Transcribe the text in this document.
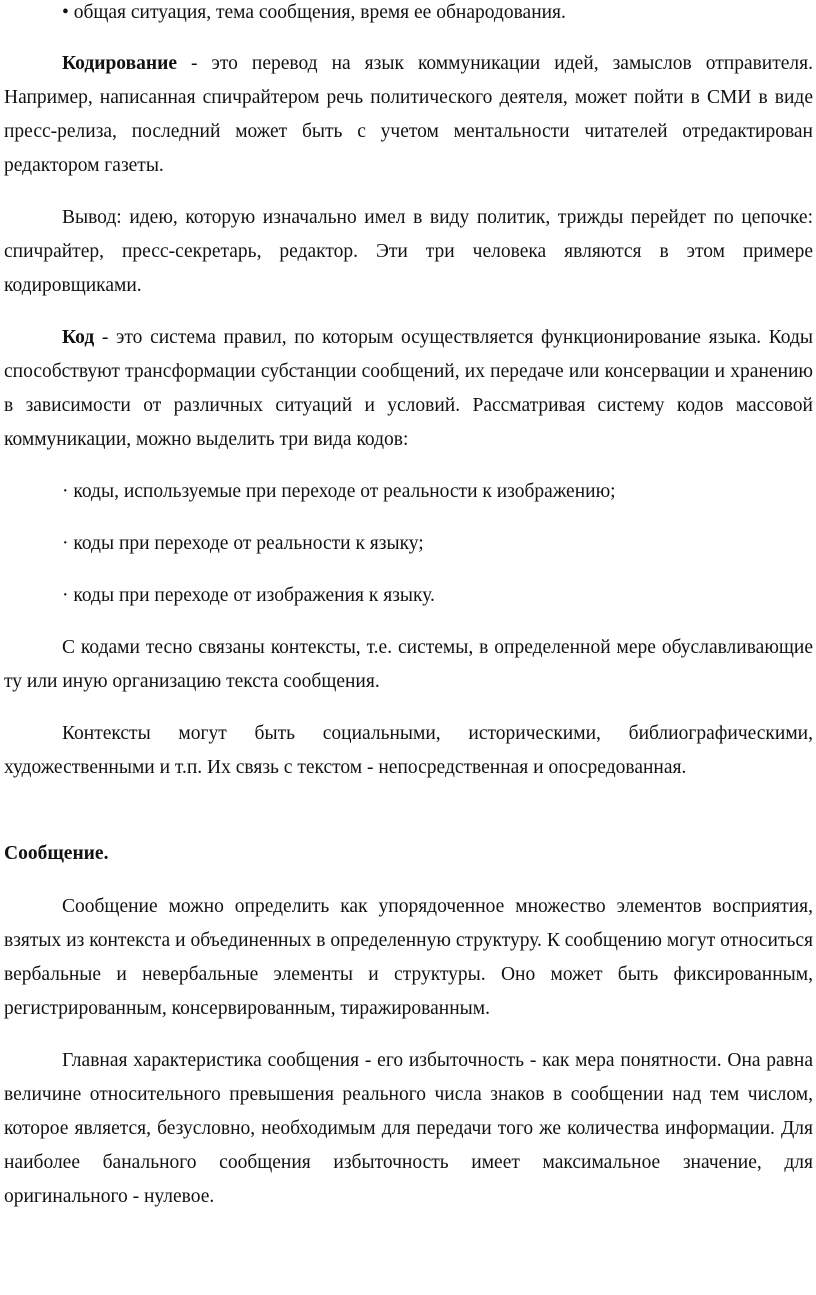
• общая ситуация, тема сообщения, время ее обнародования.

Кодирование - это перевод на язык коммуникации идей, замыслов отправителя. Например, написанная спичрайтером речь политического деятеля, может пойти в СМИ в виде пресс-релиза, последний может быть с учетом ментальности читателей отредактирован редактором газеты.

Вывод: идею, которую изначально имел в виду политик, трижды перейдет по цепочке: спичрайтер, пресс-секретарь, редактор. Эти три человека являются в этом примере кодировщиками.

Код - это система правил, по которым осуществляется функционирование языка. Коды способствуют трансформации субстанции сообщений, их передаче или консервации и хранению в зависимости от различных ситуаций и условий. Рассматривая систему кодов массовой коммуникации, можно выделить три вида кодов:

· коды, используемые при переходе от реальности к изображению;

· коды при переходе от реальности к языку;

· коды при переходе от изображения к языку.

С кодами тесно связаны контексты, т.е. системы, в определенной мере обуславливающие ту или иную организацию текста сообщения.

Контексты могут быть социальными, историческими, библиографическими, художественными и т.п. Их связь с текстом - непосредственная и опосредованная.

Сообщение.

Сообщение можно определить как упорядоченное множество элементов восприятия, взятых из контекста и объединенных в определенную структуру. К сообщению могут относиться вербальные и невербальные элементы и структуры. Оно может быть фиксированным, регистрированным, консервированным, тиражированным.

Главная характеристика сообщения - его избыточность - как мера понятности. Она равна величине относительного превышения реального числа знаков в сообщении над тем числом, которое является, безусловно, необходимым для передачи того же количества информации. Для наиболее банального сообщения избыточность имеет максимальное значение, для оригинального - нулевое.
